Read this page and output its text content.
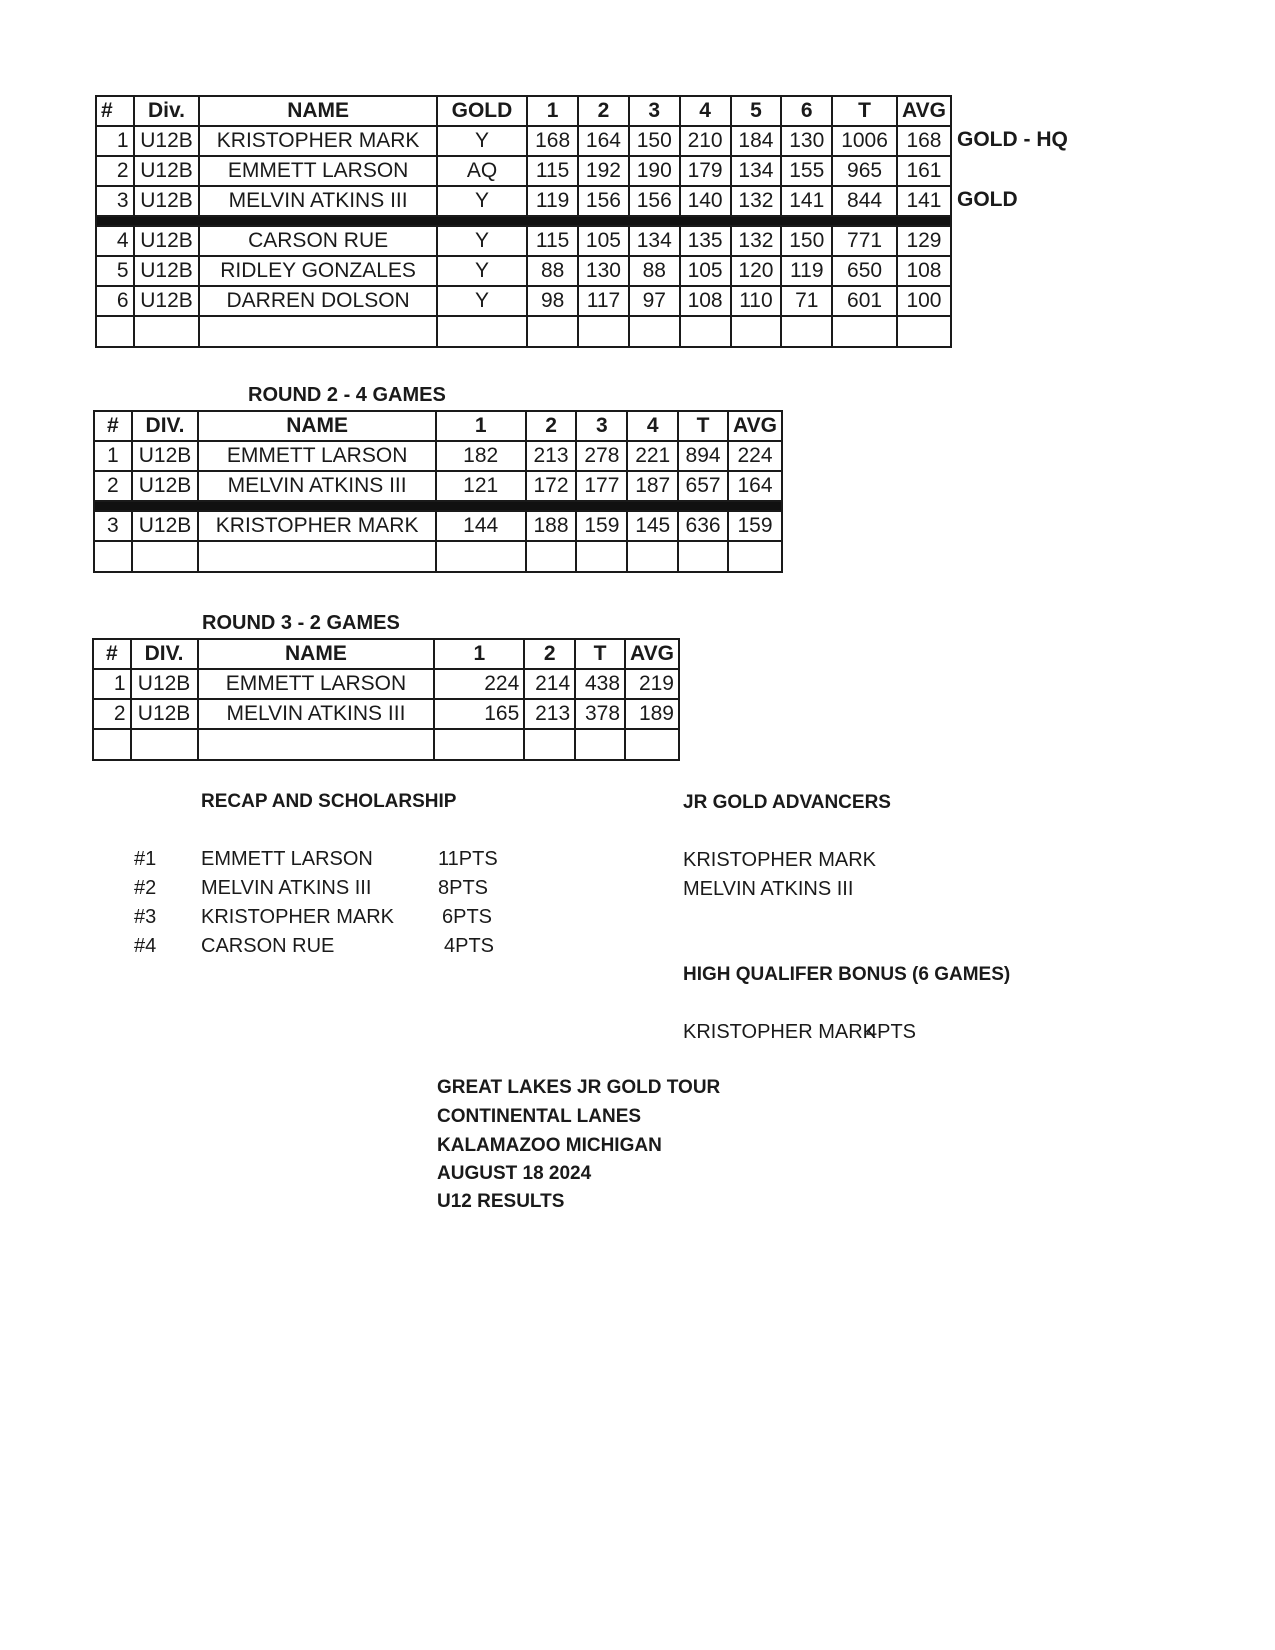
#	Div.	NAME	GOLD	1	2	3	4	5	6	T	AVG
1	U12B	KRISTOPHER MARK	Y	168	164	150	210	184	130	1006	168
2	U12B	EMMETT LARSON	AQ	115	192	190	179	134	155	965	161
3	U12B	MELVIN ATKINS III	Y	119	156	156	140	132	141	844	141

4	U12B	CARSON RUE	Y	115	105	134	135	132	150	771	129
5	U12B	RIDLEY GONZALES	Y	88	130	88	105	120	119	650	108
6	U12B	DARREN DOLSON	Y	98	117	97	108	110	71	601	100

GOLD - HQ
GOLD
ROUND 2 - 4 GAMES
#	DIV.	NAME	1	2	3	4	T	AVG
1	U12B	EMMETT LARSON	182	213	278	221	894	224
2	U12B	MELVIN ATKINS III	121	172	177	187	657	164

3	U12B	KRISTOPHER MARK	144	188	159	145	636	159

ROUND 3 - 2 GAMES
#	DIV.	NAME	1	2	T	AVG
1	U12B	EMMETT LARSON	224	214	438	219
2	U12B	MELVIN ATKINS III	165	213	378	189

RECAP AND SCHOLARSHIP
#1 EMMETT LARSON	11PTS
#2 MELVIN ATKINS III	8PTS
#3 KRISTOPHER MARK 6PTS
#4 CARSON RUE	4PTS
JR GOLD ADVANCERS
KRISTOPHER MARK
MELVIN ATKINS III
HIGH QUALIFER BONUS (6 GAMES)
KRISTOPHER MARK
4PTS
GREAT LAKES JR GOLD TOUR
CONTINENTAL LANES
KALAMAZOO MICHIGAN
AUGUST 18 2024
U12 RESULTS
